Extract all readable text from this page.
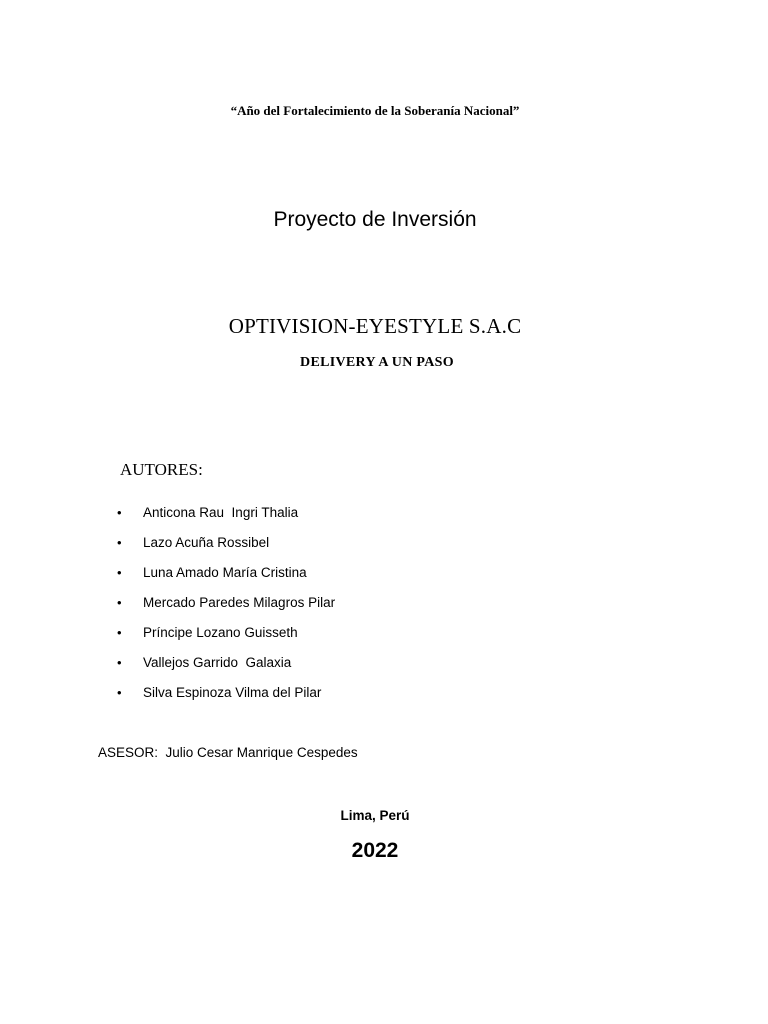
“Año del Fortalecimiento de la Soberanía Nacional”
Proyecto de Inversión
OPTIVISION-EYESTYLE S.A.C
DELIVERY A UN PASO
AUTORES:
•	Anticona Rau  Ingri Thalia
•	Lazo Acuña Rossibel
•	Luna Amado María Cristina
•	Mercado Paredes Milagros Pilar
•	Príncipe Lozano Guisseth
•	Vallejos Garrido  Galaxia
•	Silva Espinoza Vilma del Pilar
ASESOR:  Julio Cesar Manrique Cespedes
Lima, Perú
2022
